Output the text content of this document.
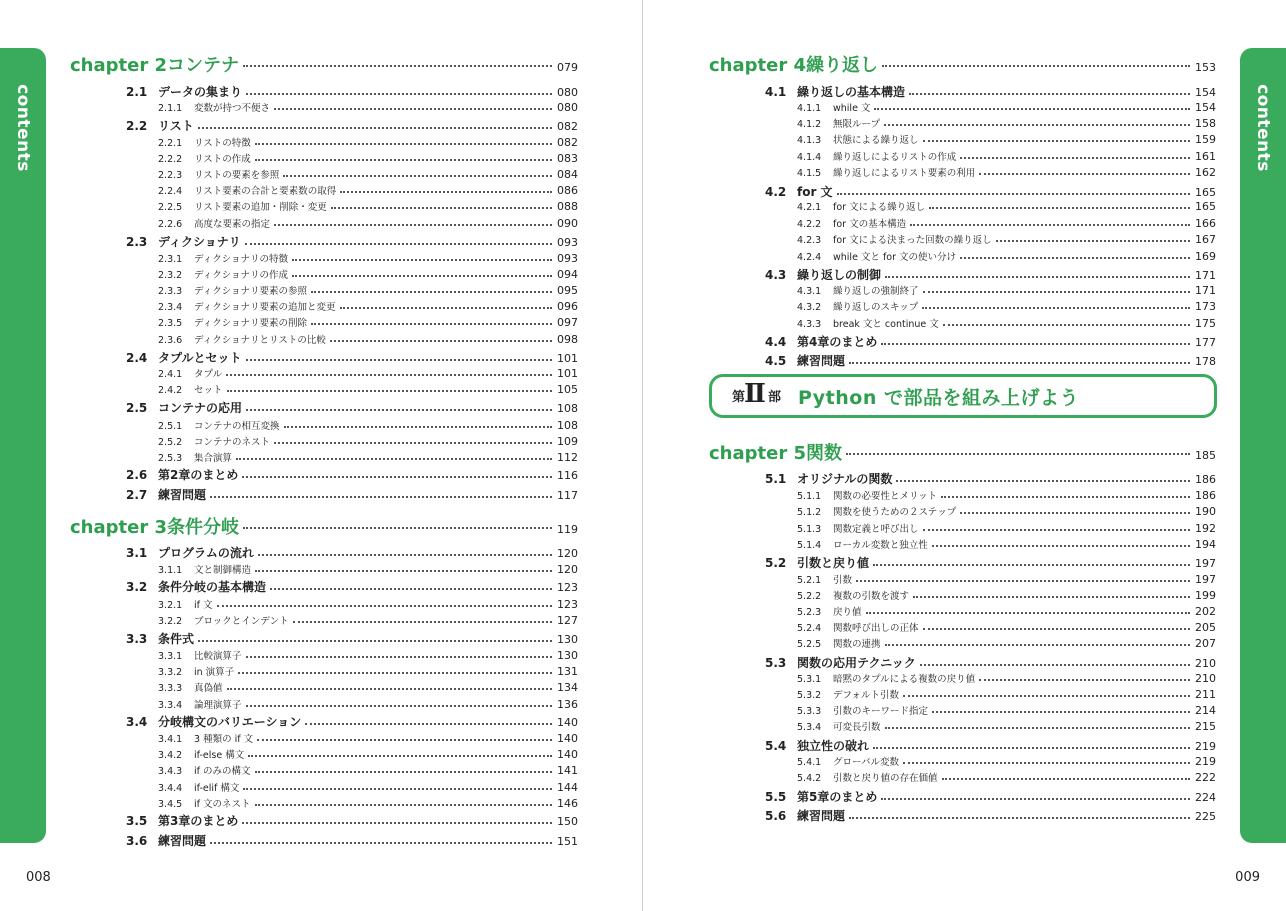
contents
chapter 2 コンテナ	079
2.1 データの集まり	080
2.1.1	変数が持つ不便さ	080
2.2 リスト	082
2.2.1	リストの特徴	082
2.2.2	リストの作成	083
2.2.3	リストの要素を参照	084
2.2.4	リスト要素の合計と要素数の取得	086
2.2.5	リスト要素の追加・削除・変更	088
2.2.6	高度な要素の指定	090
2.3 ディクショナリ	093
2.3.1	ディクショナリの特徴	093
2.3.2	ディクショナリの作成	094
2.3.3	ディクショナリ要素の参照	095
2.3.4	ディクショナリ要素の追加と変更	096
2.3.5	ディクショナリ要素の削除	097
2.3.6	ディクショナリとリストの比較	098
2.4 タプルとセット	101
2.4.1	タプル	101
2.4.2	セット	105
2.5 コンテナの応用	108
2.5.1	コンテナの相互変換	108
2.5.2	コンテナのネスト	109
2.5.3	集合演算	112
2.6 第2章のまとめ	116
2.7 練習問題	117
chapter 3 条件分岐	119
3.1 プログラムの流れ	120
3.1.1	文と制御構造	120
3.2 条件分岐の基本構造	123
3.2.1	if 文	123
3.2.2	ブロックとインデント	127
3.3 条件式	130
3.3.1	比較演算子	130
3.3.2	in 演算子	131
3.3.3	真偽値	134
3.3.4	論理演算子	136
3.4 分岐構文のバリエーション	140
3.4.1	3 種類の if 文	140
3.4.2	if-else 構文	140
3.4.3	if のみの構文	141
3.4.4	if-elif 構文	144
3.4.5	if 文のネスト	146
3.5 第3章のまとめ	150
3.6 練習問題	151
008
contents
chapter 4 繰り返し	153
4.1 繰り返しの基本構造	154
4.1.1	while 文	154
4.1.2	無限ループ	158
4.1.3	状態による繰り返し	159
4.1.4	繰り返しによるリストの作成	161
4.1.5	繰り返しによるリスト要素の利用	162
4.2 for 文	165
4.2.1	for 文による繰り返し	165
4.2.2	for 文の基本構造	166
4.2.3	for 文による決まった回数の繰り返し	167
4.2.4	while 文と for 文の使い分け	169
4.3 繰り返しの制御	171
4.3.1	繰り返しの強制終了	171
4.3.2	繰り返しのスキップ	173
4.3.3	break 文と continue 文	175
4.4 第4章のまとめ	177
4.5 練習問題	178
chapter 5 関数	185
5.1 オリジナルの関数	186
5.1.1	関数の必要性とメリット	186
5.1.2	関数を使うための２ステップ	190
5.1.3	関数定義と呼び出し	192
5.1.4	ローカル変数と独立性	194
5.2 引数と戻り値	197
5.2.1	引数	197
5.2.2	複数の引数を渡す	199
5.2.3	戻り値	202
5.2.4	関数呼び出しの正体	205
5.2.5	関数の連携	207
5.3 関数の応用テクニック	210
5.3.1	暗黙のタプルによる複数の戻り値	210
5.3.2	デフォルト引数	211
5.3.3	引数のキーワード指定	214
5.3.4	可変長引数	215
5.4 独立性の破れ	219
5.4.1	グローバル変数	219
5.4.2	引数と戻り値の存在価値	222
5.5 第5章のまとめ	224
5.6 練習問題	225
第
Ⅱ 部 Python で部品を組み上げよう
009
